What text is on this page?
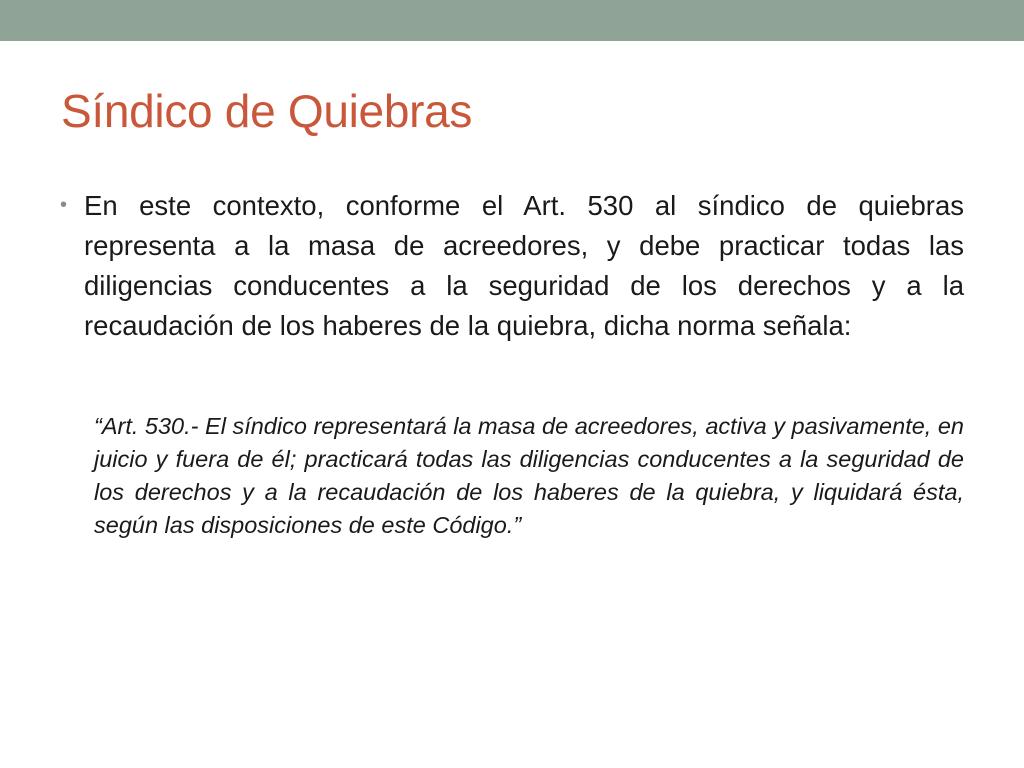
Síndico de Quiebras
• En este contexto, conforme el Art. 530 al síndico de quiebras representa a la masa de acreedores, y debe practicar todas las diligencias conducentes a la seguridad de los derechos y a la recaudación de los haberes de la quiebra, dicha norma señala:

“Art. 530.- El síndico representará la masa de acreedores, activa y pasivamente, en juicio y fuera de él; practicará todas las diligencias conducentes a la seguridad de los derechos y a la recaudación de los haberes de la quiebra, y liquidará ésta, según las disposiciones de este Código.”
